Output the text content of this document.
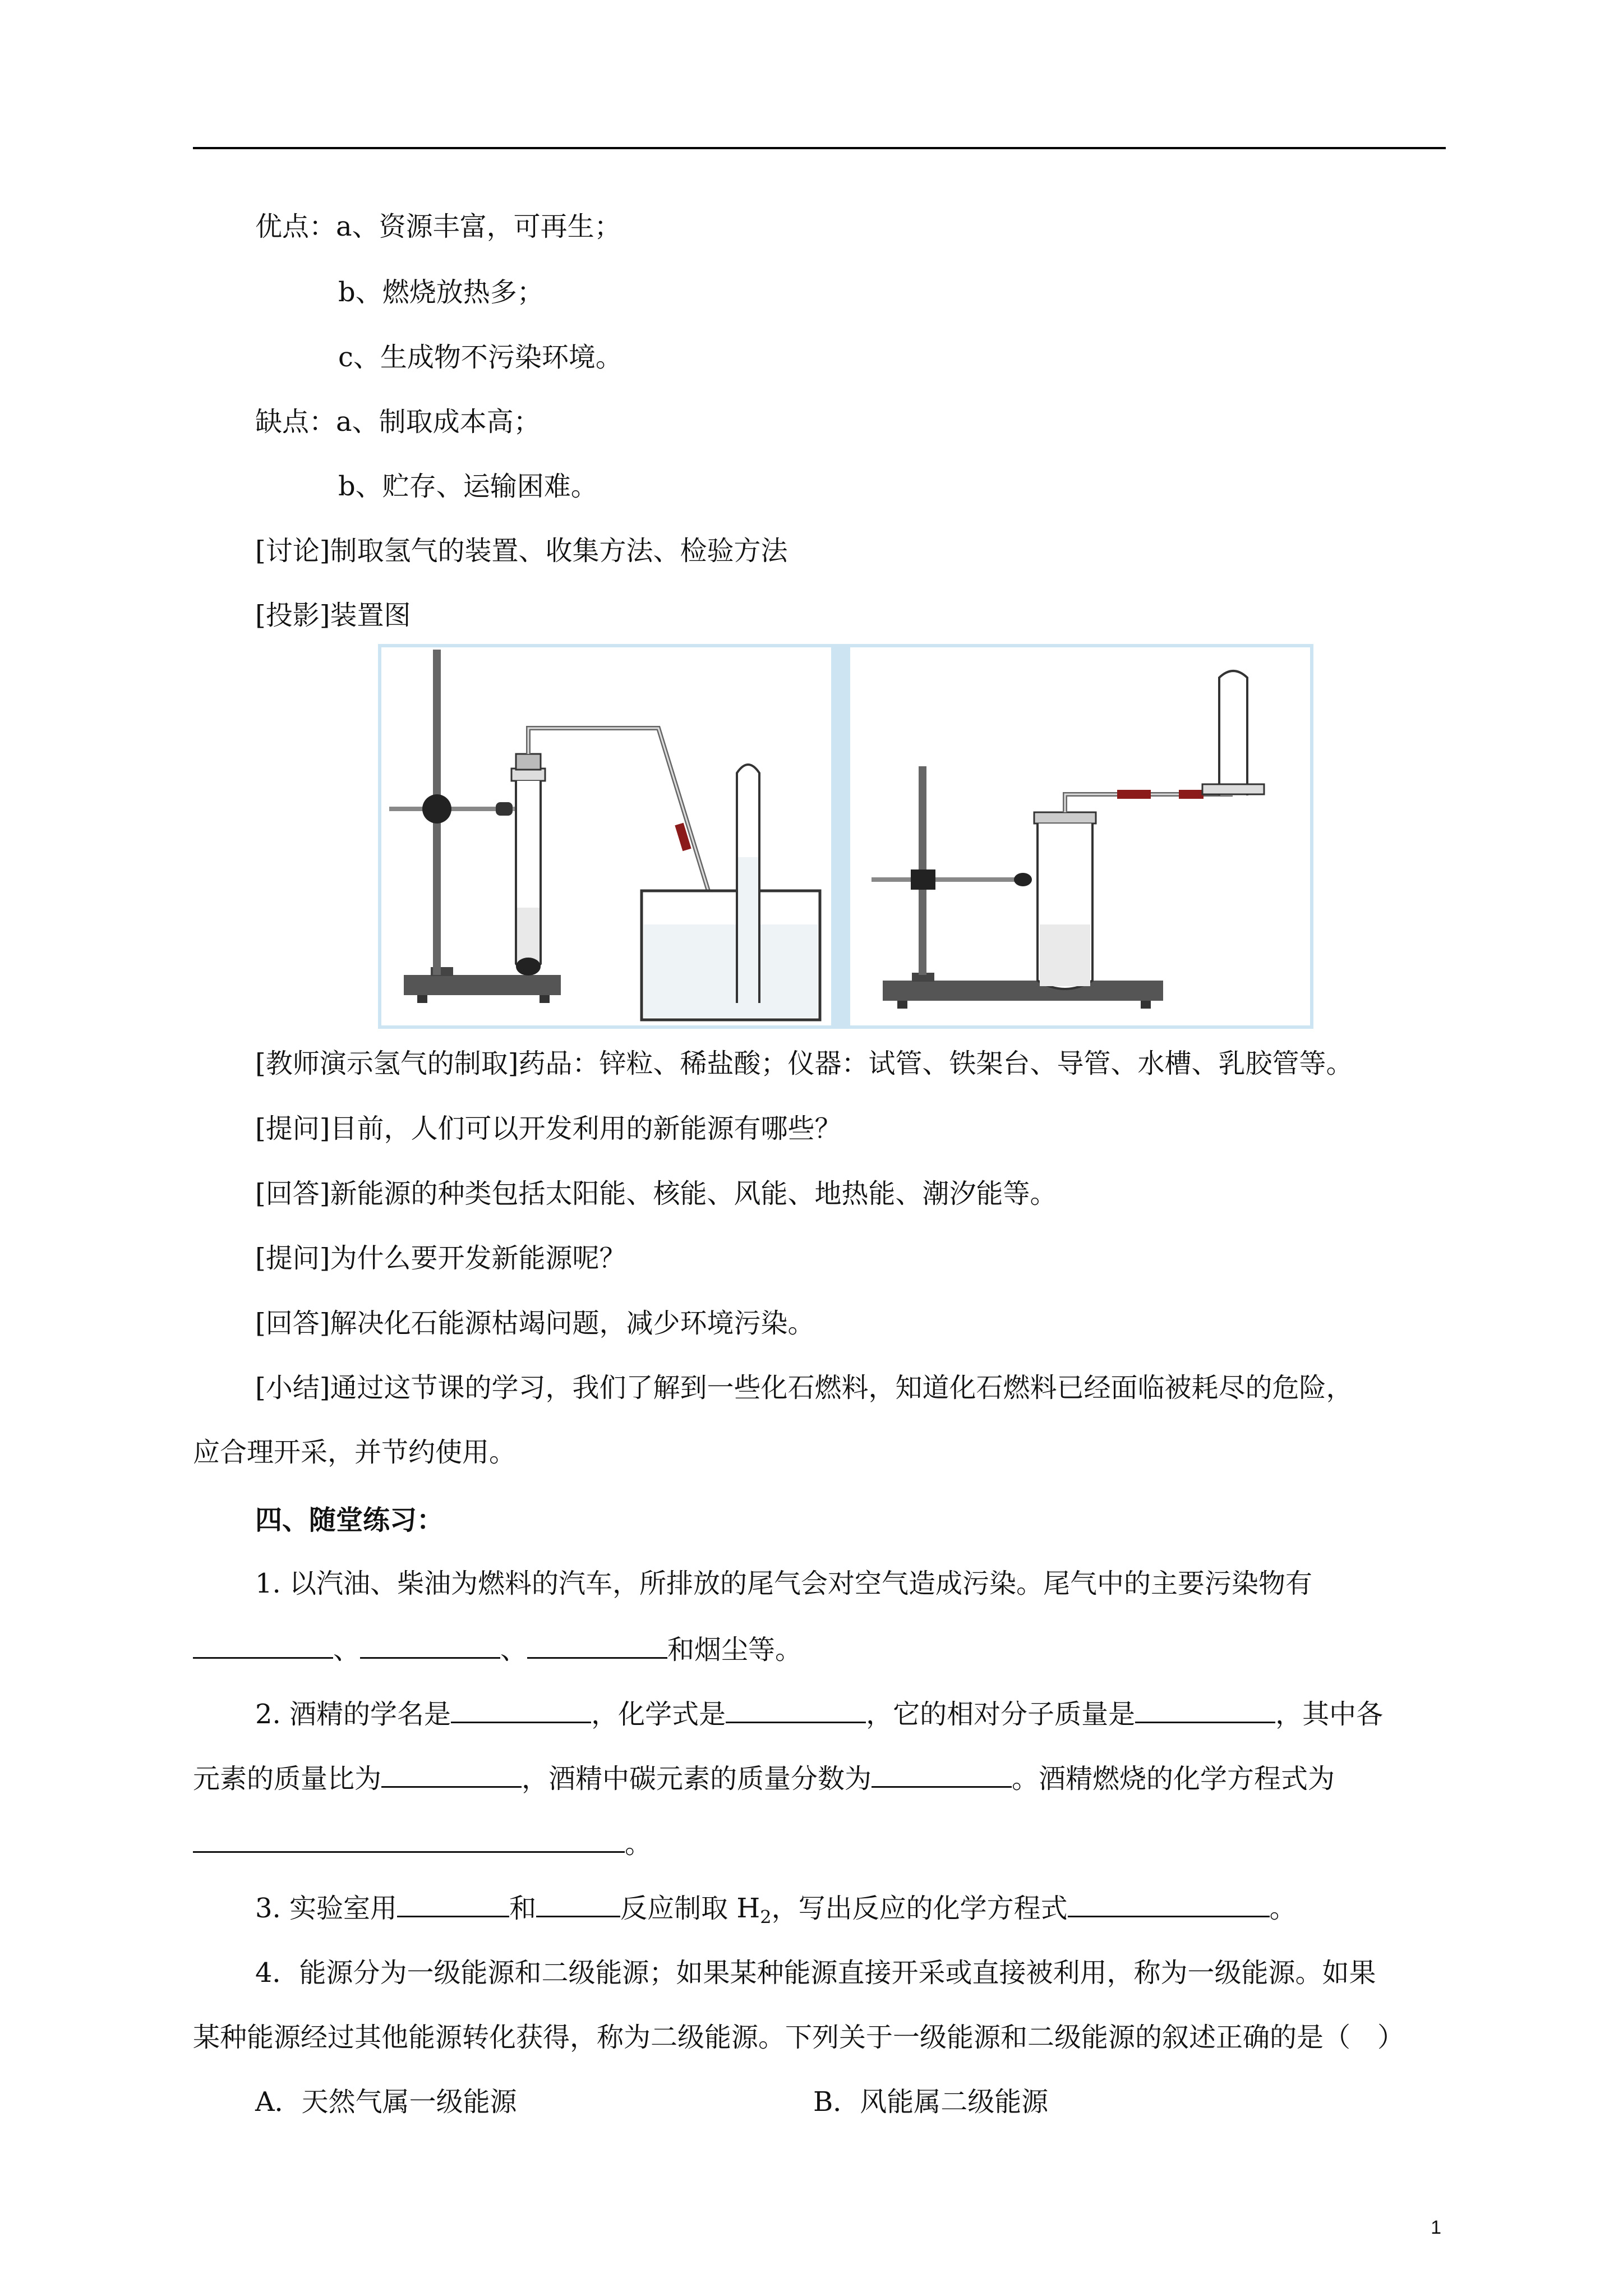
优点：a、资源丰富，可再生；
b、燃烧放热多；
c、生成物不污染环境。
缺点：a、制取成本高；
b、贮存、运输困难。
[讨论]制取氢气的装置、收集方法、检验方法
[投影]装置图
[教师演示氢气的制取]药品：锌粒、稀盐酸；仪器：试管、铁架台、导管、水槽、乳胶管等。
[提问]目前，人们可以开发利用的新能源有哪些？
[回答]新能源的种类包括太阳能、核能、风能、地热能、潮汐能等。
[提问]为什么要开发新能源呢？
[回答]解决化石能源枯竭问题，减少环境污染。
[小结]通过这节课的学习，我们了解到一些化石燃料，知道化石燃料已经面临被耗尽的危险，
应合理开采，并节约使用。
四、随堂练习：
1. 以汽油、柴油为燃料的汽车，所排放的尾气会对空气造成污染。尾气中的主要污染物有
、	、	和烟尘等。
2. 酒精的学名是	，化学式是	，它的相对分子质量是	，其中各
元素的质量比为	，酒精中碳元素的质量分数为	。酒精燃烧的化学方程式为
。
3. 实验室用	和	反应制取 $H_2$，写出反应的化学方程式	。
4．能源分为一级能源和二级能源；如果某种能源直接开采或直接被利用，称为一级能源。如果
某种能源经过其他能源转化获得，称为二级能源。下列关于一级能源和二级能源的叙述正确的是（　）
A．天然气属一级能源	B．风能属二级能源
1
